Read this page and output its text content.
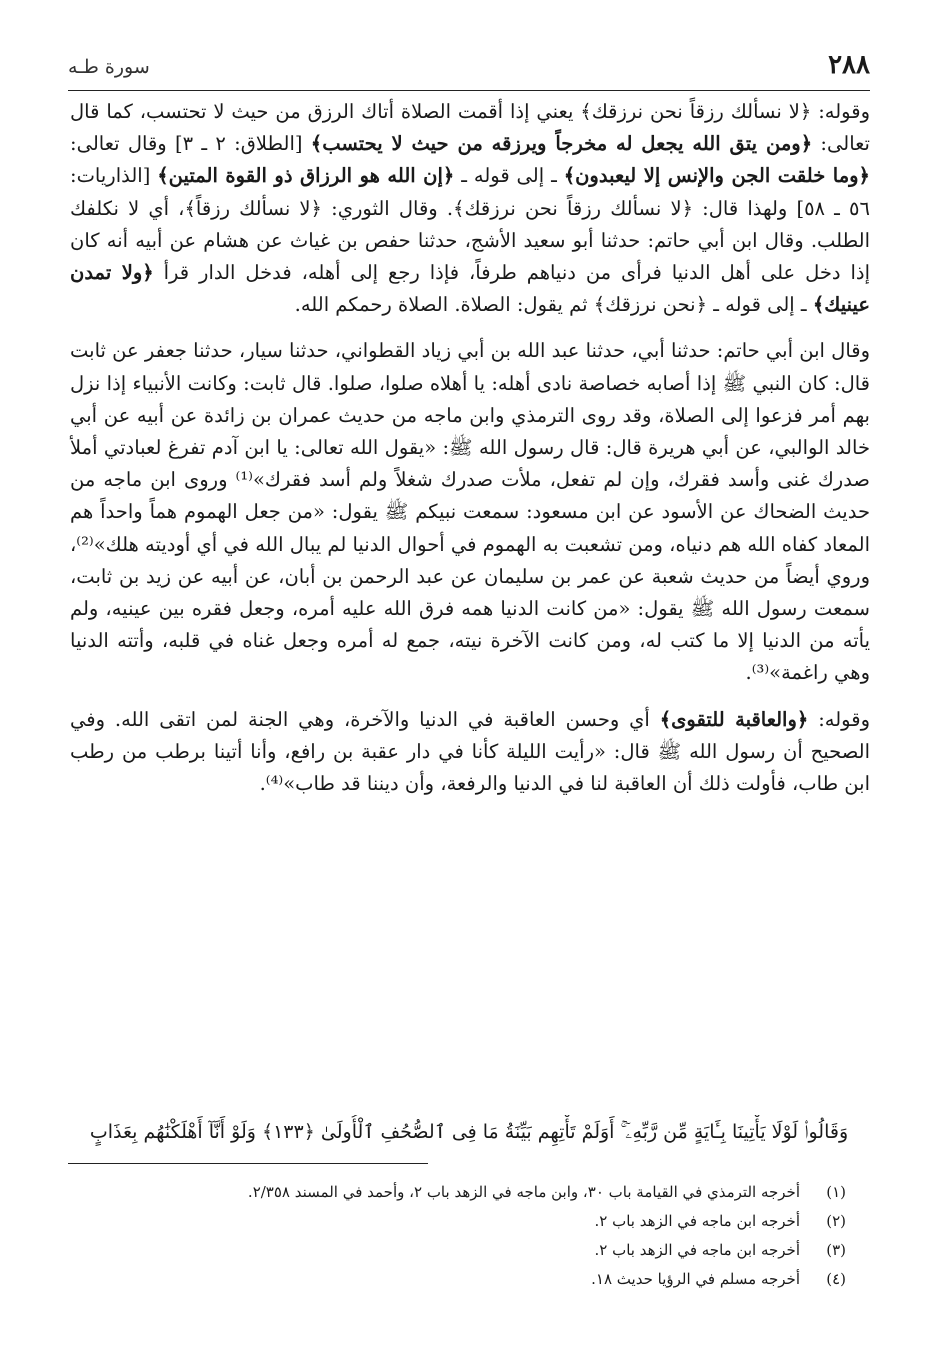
٢٨٨
سورة طـه

وقوله: ﴿لا نسألك رزقاً نحن نرزقك﴾ يعني إذا أقمت الصلاة أتاك الرزق من حيث لا تحتسب، كما قال تعالى: ﴿ومن يتق الله يجعل له مخرجاً ويرزقه من حيث لا يحتسب﴾ [الطلاق: ٢ ـ ٣] وقال تعالى: ﴿وما خلقت الجن والإنس إلا ليعبدون﴾ ـ إلى قوله ـ ﴿إن الله هو الرزاق ذو القوة المتين﴾ [الذاريات: ٥٦ ـ ٥٨] ولهذا قال: ﴿لا نسألك رزقاً نحن نرزقك﴾. وقال الثوري: ﴿لا نسألك رزقاً﴾، أي لا نكلفك الطلب. وقال ابن أبي حاتم: حدثنا أبو سعيد الأشج، حدثنا حفص بن غياث عن هشام عن أبيه أنه كان إذا دخل على أهل الدنيا فرأى من دنياهم طرفاً، فإذا رجع إلى أهله، فدخل الدار قرأ ﴿ولا تمدن عينيك﴾ ـ إلى قوله ـ ﴿نحن نرزقك﴾ ثم يقول: الصلاة. الصلاة رحمكم الله.

وقال ابن أبي حاتم: حدثنا أبي، حدثنا عبد الله بن أبي زياد القطواني، حدثنا سيار، حدثنا جعفر عن ثابت قال: كان النبي ﷺ إذا أصابه خصاصة نادى أهله: يا أهلاه صلوا، صلوا. قال ثابت: وكانت الأنبياء إذا نزل بهم أمر فزعوا إلى الصلاة، وقد روى الترمذي وابن ماجه من حديث عمران بن زائدة عن أبيه عن أبي خالد الوالبي، عن أبي هريرة قال: قال رسول الله ﷺ: «يقول الله تعالى: يا ابن آدم تفرغ لعبادتي أملأ صدرك غنى وأسد فقرك، وإن لم تفعل، ملأت صدرك شغلاً ولم أسد فقرك»⁽¹⁾ وروى ابن ماجه من حديث الضحاك عن الأسود عن ابن مسعود: سمعت نبيكم ﷺ يقول: «من جعل الهموم هماً واحداً هم المعاد كفاه الله هم دنياه، ومن تشعبت به الهموم في أحوال الدنيا لم يبال الله في أي أوديته هلك»⁽²⁾، وروي أيضاً من حديث شعبة عن عمر بن سليمان عن عبد الرحمن بن أبان، عن أبيه عن زيد بن ثابت، سمعت رسول الله ﷺ يقول: «من كانت الدنيا همه فرق الله عليه أمره، وجعل فقره بين عينيه، ولم يأته من الدنيا إلا ما كتب له، ومن كانت الآخرة نيته، جمع له أمره وجعل غناه في قلبه، وأتته الدنيا وهي راغمة»⁽³⁾.

وقوله: ﴿والعاقبة للتقوى﴾ أي وحسن العاقبة في الدنيا والآخرة، وهي الجنة لمن اتقى الله. وفي الصحيح أن رسول الله ﷺ قال: «رأيت الليلة كأنا في دار عقبة بن رافع، وأنا أتينا برطب من رطب ابن طاب، فأولت ذلك أن العاقبة لنا في الدنيا والرفعة، وأن ديننا قد طاب»⁽⁴⁾.

وَقَالُوا۟ لَوْلَا يَأْتِينَا بِـَٔايَةٍ مِّن رَّبِّهِۦٓ ۚ أَوَلَمْ تَأْتِهِم بَيِّنَةُ مَا فِى ٱلصُّحُفِ ٱلْأُولَىٰ ﴿١٣٣﴾ وَلَوْ أَنَّآ أَهْلَكْنَٰهُم بِعَذَابٍ
(١)
أخرجه الترمذي في القيامة باب ٣٠، وابن ماجه في الزهد باب ٢، وأحمد في المسند ٢/٣٥٨.
(٢)
أخرجه ابن ماجه في الزهد باب ٢.
(٣)
أخرجه ابن ماجه في الزهد باب ٢.
(٤)
أخرجه مسلم في الرؤيا حديث ١٨.
